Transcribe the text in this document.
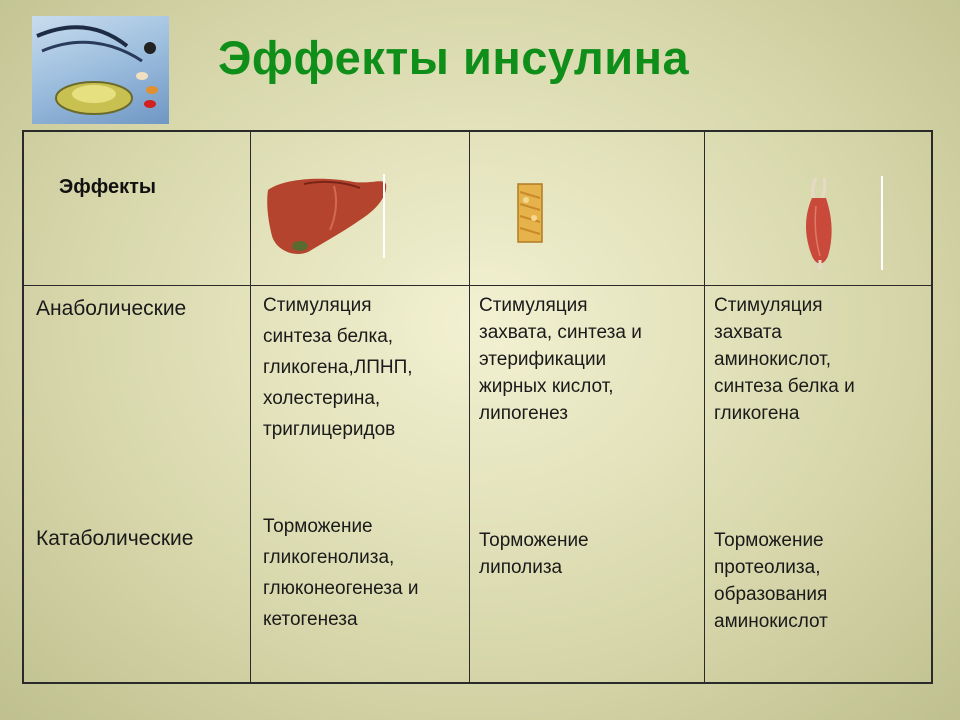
Эффекты инсулина
Эффекты
Анаболические
Катаболические
Стимуляция
синтеза белка,
гликогена,ЛПНП,
холестерина,
триглицеридов
Торможение
гликогенолиза,
глюконеогенеза и
кетогенеза
Стимуляция
захвата, синтеза и
этерификации
жирных кислот,
липогенез
Торможение
липолиза
Стимуляция
захвата
аминокислот,
синтеза белка и
гликогена
Торможение
протеолиза,
образования
аминокислот
